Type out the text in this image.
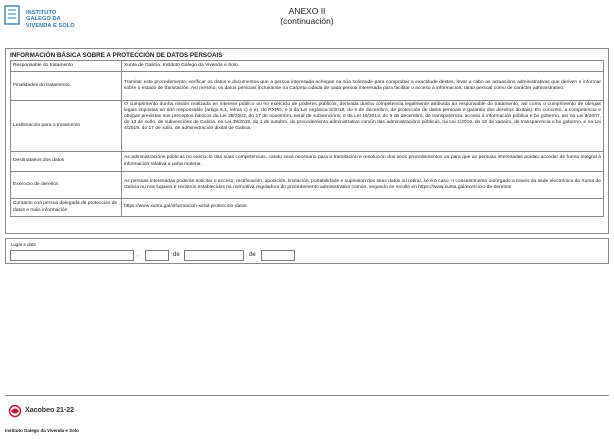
INSTITUTO
GALEGO DA
VIVENDA E SOLO
ANEXO II
(continuación)
INFORMACIÓN BÁSICA SOBRE A PROTECCIÓN DE DATOS PERSOAIS
Responsable do tratamento	Xunta de Galicia. Instituto Galego da Vivenda e Solo.
Finalidades do tratamento	Tramitar este procedemento, verificar os datos e documentos que a persoa interesada achegue na súa solicitude para comprobar a exactitude destes, levar a cabo as actuacións administrativas que deriven e informar sobre o estado de tramitación. Así mesmo, os datos persoais incluiranse na Carpeta cidadá de cada persoa interesada para facilitar o acceso á información, tanto persoal como de carácter administrativo.
Lexitimación para o tratamento	O cumprimento dunha misión realizada en interese público ou no exercicio de poderes públicos, derivada dunha competencia legalmente atribuída ao responsable do tratamento, así como o cumprimento de obrigas legais impostas ao dito responsable (artigo 6.1, letras c) e e), do RXPD, e 8 da Lei orgánica 3/2018, do 5 de decembro, de protección de datos persoais e garantía dos dereitos dixitais). En concreto, a competencia e obrigas previstas nos preceptos básicos da Lei 38/2003, do 17 de novembro, xeral de subvencións, e da Lei 19/2013, do 9 de decembro, de transparencia, acceso á información pública e bo goberno, así na Lei 9/2007, do 13 de xuño, de subvencións de Galicia, na Lei 39/2015, do 1 de outubro, do procedemento administrativo común das administracións públicas, na Lei 1/2016, do 18 de xaneiro, de transparencia e bo goberno, e na Lei 4/2019, do 17 de xullo, de administración dixital de Galicia.
Destinatarios dos datos	As administracións públicas no exercicio das súas competencias, cando sexa necesario para a tramitación e resolución dos seus procedementos ou para que as persoas interesadas poidan acceder de forma integral á información relativa a unha materia.
Exercicio de dereitos	As persoas interesadas poderán solicitar o acceso, rectificación, oposición, limitación, portabilidade e supresión dos seus datos ou retirar, se é o caso, o consentimento outorgado a través da sede electrónica da Xunta de Galicia ou nos lugares e rexistros establecidos na normativa reguladora do procedemento administrativo común, segundo se recolle en https://www.xunta.gal/exercicio-de-dereitos
Contacto coa persoa delegada de protección de datos e máis información	https://www.xunta.gal/informacion-xeral-proteccion-datos
Lugar e data
,	de	de
Xacobeo 21·22
Instituto Galego da Vivenda e Solo
